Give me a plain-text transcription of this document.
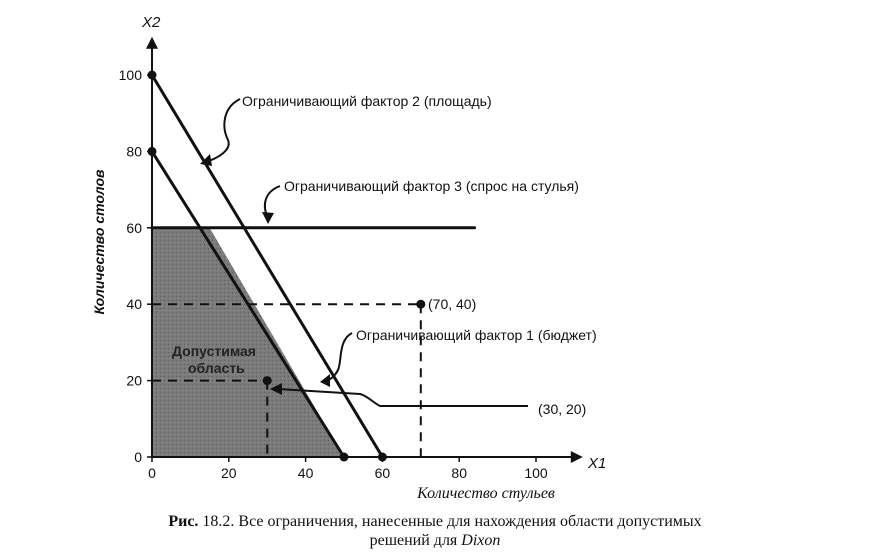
0	20	40	60	80	100
0
20
40
60
80
100
X2
X1
Количество столов
Количество стульев
Допустимая
область
Ограничивающий фактор 2 (площадь)
Ограничивающий фактор 3 (спрос на стулья)
Ограничивающий фактор 1 (бюджет)
(70, 40)
(30, 20)
Рис. 18.2. Все ограничения, нанесенные для нахождения области допустимых
решений для Dixon
